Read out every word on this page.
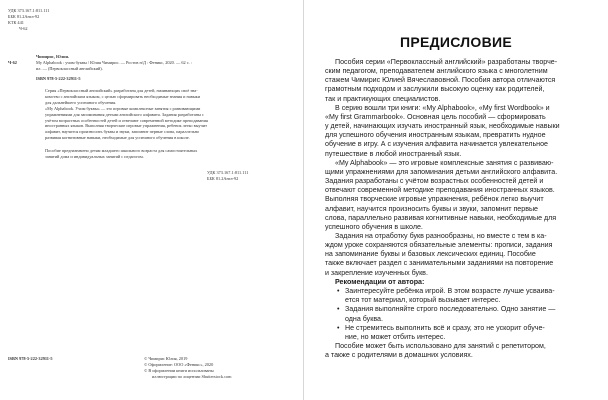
УДК 373.167.1:811.111
ББК 81.2Англ-92
КТК 441
Ч-62
Чимирис, Юлия.
Ч-62	My Alphabook : учим буквы / Юлия Чимирис. — Ростов н/Д : Феникс, 2020. — 62 с. :
ил. — (Первоклассный английский).
ISBN 978-5-222-32911-5
Серия «Первоклассный английский» разработана для детей, начинающих своё зна-
комство с английским языком, с целью сформировать необходимые знания и навыки
для дальнейшего успешного обучения.
«My Alphabook. Учим буквы» — это игровые комплексные занятия с развивающими
упражнениями для запоминания детьми английского алфавита. Задания разработаны с
учётом возрастных особенностей детей и отвечают современной методике преподавания
иностранных языков. Выполняя творческие игровые упражнения, ребенок легко выучит
алфавит, научится произносить буквы и звуки, запомнит первые слова, параллельно
развивая когнитивные навыки, необходимые для успешного обучения в школе.
Пособие предназначено детям младшего школьного возраста для самостоятельных
занятий дома и индивидуальных занятий с педагогом.
УДК 373.167.1:811.111
ББК 81.2Англ-92
ISBN 978-5-222-32911-5	© Чимирис Юлия, 2019
© Оформление: ООО «Феникс», 2020
© В оформлении книги использованы
иллюстрации по лицензии Shutterstock.com
ПРЕДИСЛОВИЕ
Пособия серии «Первоклассный английский» разработаны творче-
ским педагогом, преподавателем английского языка с многолетним
стажем Чимирис Юлией Вячеславовной. Пособия автора отличаются
грамотным подходом и заслужили высокую оценку как родителей,
так и практикующих специалистов.
В серию вошли три книги: «My Alphabook», «My first Wordbook» и
«My first Grammarbook». Основная цель пособий — сформировать
у детей, начинающих изучать иностранный язык, необходимые навыки
для успешного обучения иностранным языкам, превратить нудное
обучение в игру. А с изучения алфавита начинается увлекательное
путешествие в любой иностранный язык.
«My Alphabook» — это игровые комплексные занятия с развиваю-
щими упражнениями для запоминания детьми английского алфавита.
Задания разработаны с учётом возрастных особенностей детей и
отвечают современной методике преподавания иностранных языков.
Выполняя творческие игровые упражнения, ребёнок легко выучит
алфавит, научится произносить буквы и звуки, запомнит первые
слова, параллельно развивая когнитивные навыки, необходимые для
успешного обучения в школе.
Задания на отработку букв разнообразны, но вместе с тем в ка-
ждом уроке сохраняются обязательные элементы: прописи, задания
на запоминание буквы и базовых лексических единиц. Пособие
также включает раздел с занимательными заданиями на повторение
и закрепление изученных букв.
Рекомендации от автора:
• Заинтересуйте ребёнка игрой. В этом возрасте лучше усваива-
ется тот материал, который вызывает интерес.
• Задания выполняйте строго последовательно. Одно занятие —
одна буква.
• Не стремитесь выполнить всё и сразу, это не ускорит обуче-
ние, но может отбить интерес.
Пособие может быть использовано для занятий с репетитором,
а также с родителями в домашних условиях.
